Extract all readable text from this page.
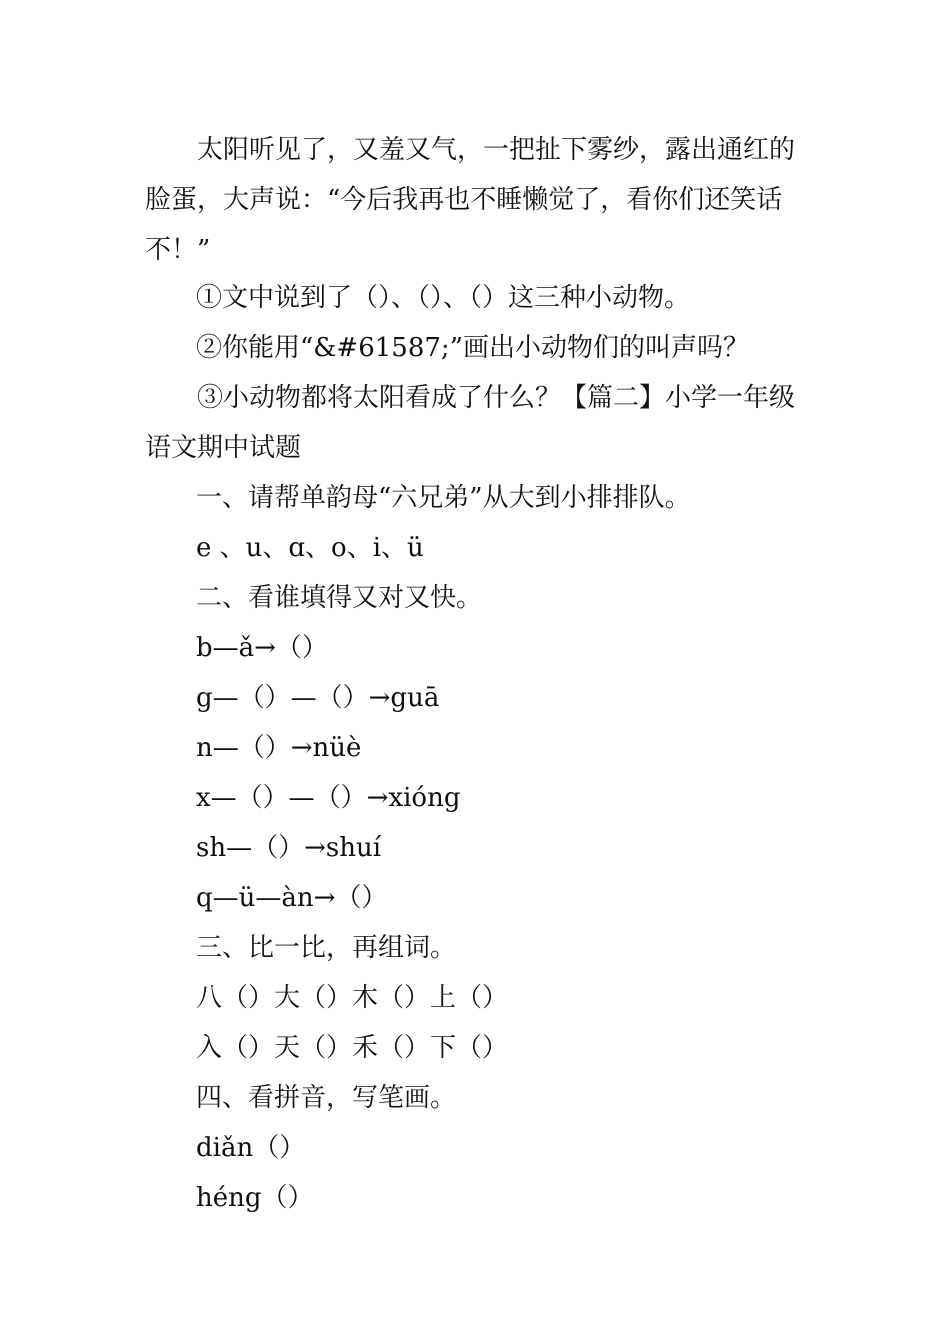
太阳听见了，又羞又气，一把扯下雾纱，露出通红的脸蛋，大声说：“今后我再也不睡懒觉了，看你们还笑话不！”

①文中说到了（）、（）、（）这三种小动物。

②你能用“&#61587;”画出小动物们的叫声吗？

③小动物都将太阳看成了什么？【篇二】小学一年级语文期中试题

一、请帮单韵母“六兄弟”从大到小排排队。

e 、u、ɑ、o、i、ü

二、看谁填得又对又快。

b—ǎ→（）

g—（）—（）→guā

n—（）→nüè

x—（）—（）→xióng

sh—（）→shuí

q—ü—àn→（）

三、比一比，再组词。

八（）大（）木（）上（）

入（）天（）禾（）下（）

四、看拼音，写笔画。

diǎn（）

héng（）
